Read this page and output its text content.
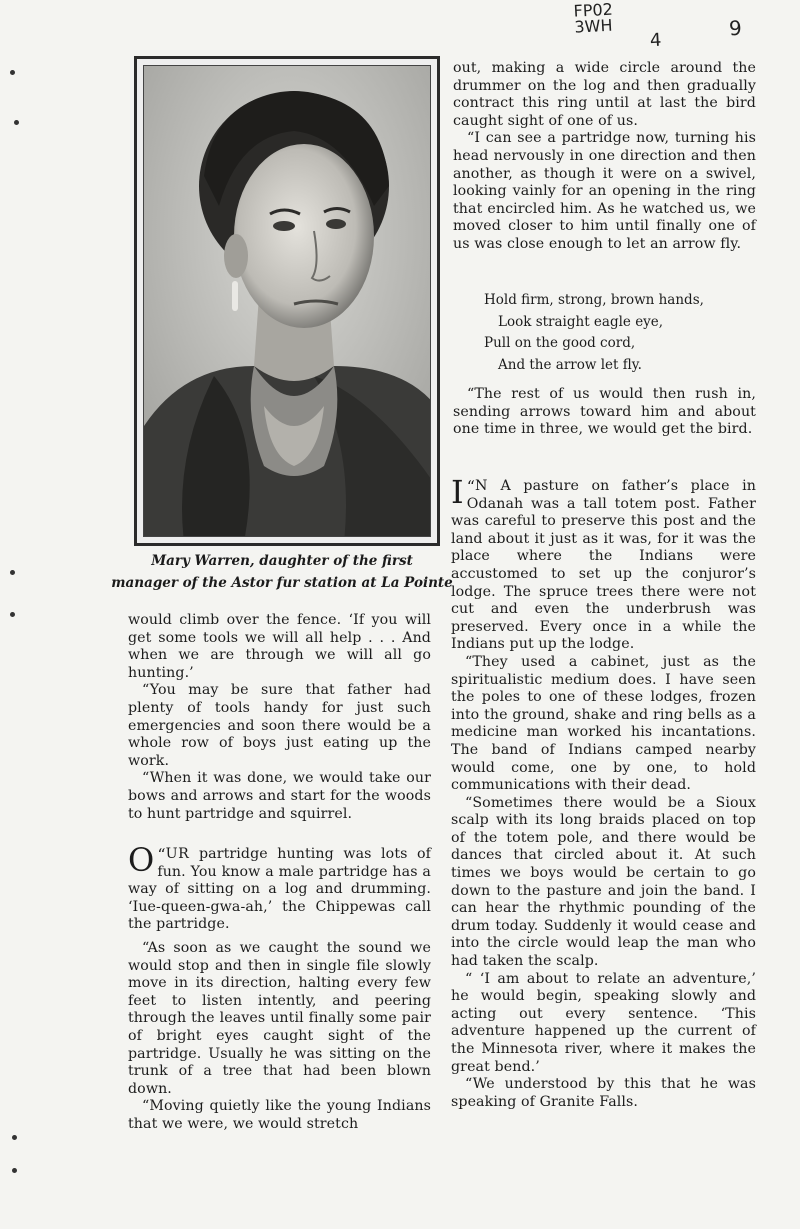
FP02
3WH
4
9
Mary Warren, daughter of the first
manager of the Astor fur station at La Pointe

would climb over the fence. ‘If you will get some tools we will all help . . . And when we are through we will all go hunting.’

“You may be sure that father had plenty of tools handy for just such emergencies and soon there would be a whole row of boys just eating up the work.

“When it was done, we would take our bows and arrows and start for the woods to hunt partridge and squirrel.

“
O UR partridge hunting was lots of fun. You know a male partridge has a way of sitting on a log and drumming. ‘Iue-queen-gwa-ah,’ the Chippewas call the partridge.

“As soon as we caught the sound we would stop and then in single file slowly move in its direction, halting every few feet to listen intently, and peering through the leaves until finally some pair of bright eyes caught sight of the partridge. Usually he was sitting on the trunk of a tree that had been blown down.

“Moving quietly like the young Indians that we were, we would stretch

out, making a wide circle around the drummer on the log and then gradually contract this ring until at last the bird caught sight of one of us.

“I can see a partridge now, turning his head nervously in one direction and then another, as though it were on a swivel, looking vainly for an opening in the ring that encircled him. As he watched us, we moved closer to him until finally one of us was close enough to let an arrow fly.

Hold firm, strong, brown hands,
Look straight eagle eye,
Pull on the good cord,
And the arrow let fly.

“The rest of us would then rush in, sending arrows toward him and about one time in three, we would get the bird.

“
I N A pasture on father’s place in Odanah was a tall totem post. Father was careful to preserve this post and the land about it just as it was, for it was the place where the Indians were accustomed to set up the conjuror’s lodge. The spruce trees there were not cut and even the underbrush was preserved. Every once in a while the Indians put up the lodge.

“They used a cabinet, just as the spiritualistic medium does. I have seen the poles to one of these lodges, frozen into the ground, shake and ring bells as a medicine man worked his incantations. The band of Indians camped nearby would come, one by one, to hold communications with their dead.

“Sometimes there would be a Sioux scalp with its long braids placed on top of the totem pole, and there would be dances that circled about it. At such times we boys would be certain to go down to the pasture and join the band. I can hear the rhythmic pounding of the drum today. Suddenly it would cease and into the circle would leap the man who had taken the scalp.

“ ‘I am about to relate an adventure,’ he would begin, speaking slowly and acting out every sentence. ‘This adventure happened up the current of the Minnesota river, where it makes the great bend.’

“We understood by this that he was speaking of Granite Falls.
